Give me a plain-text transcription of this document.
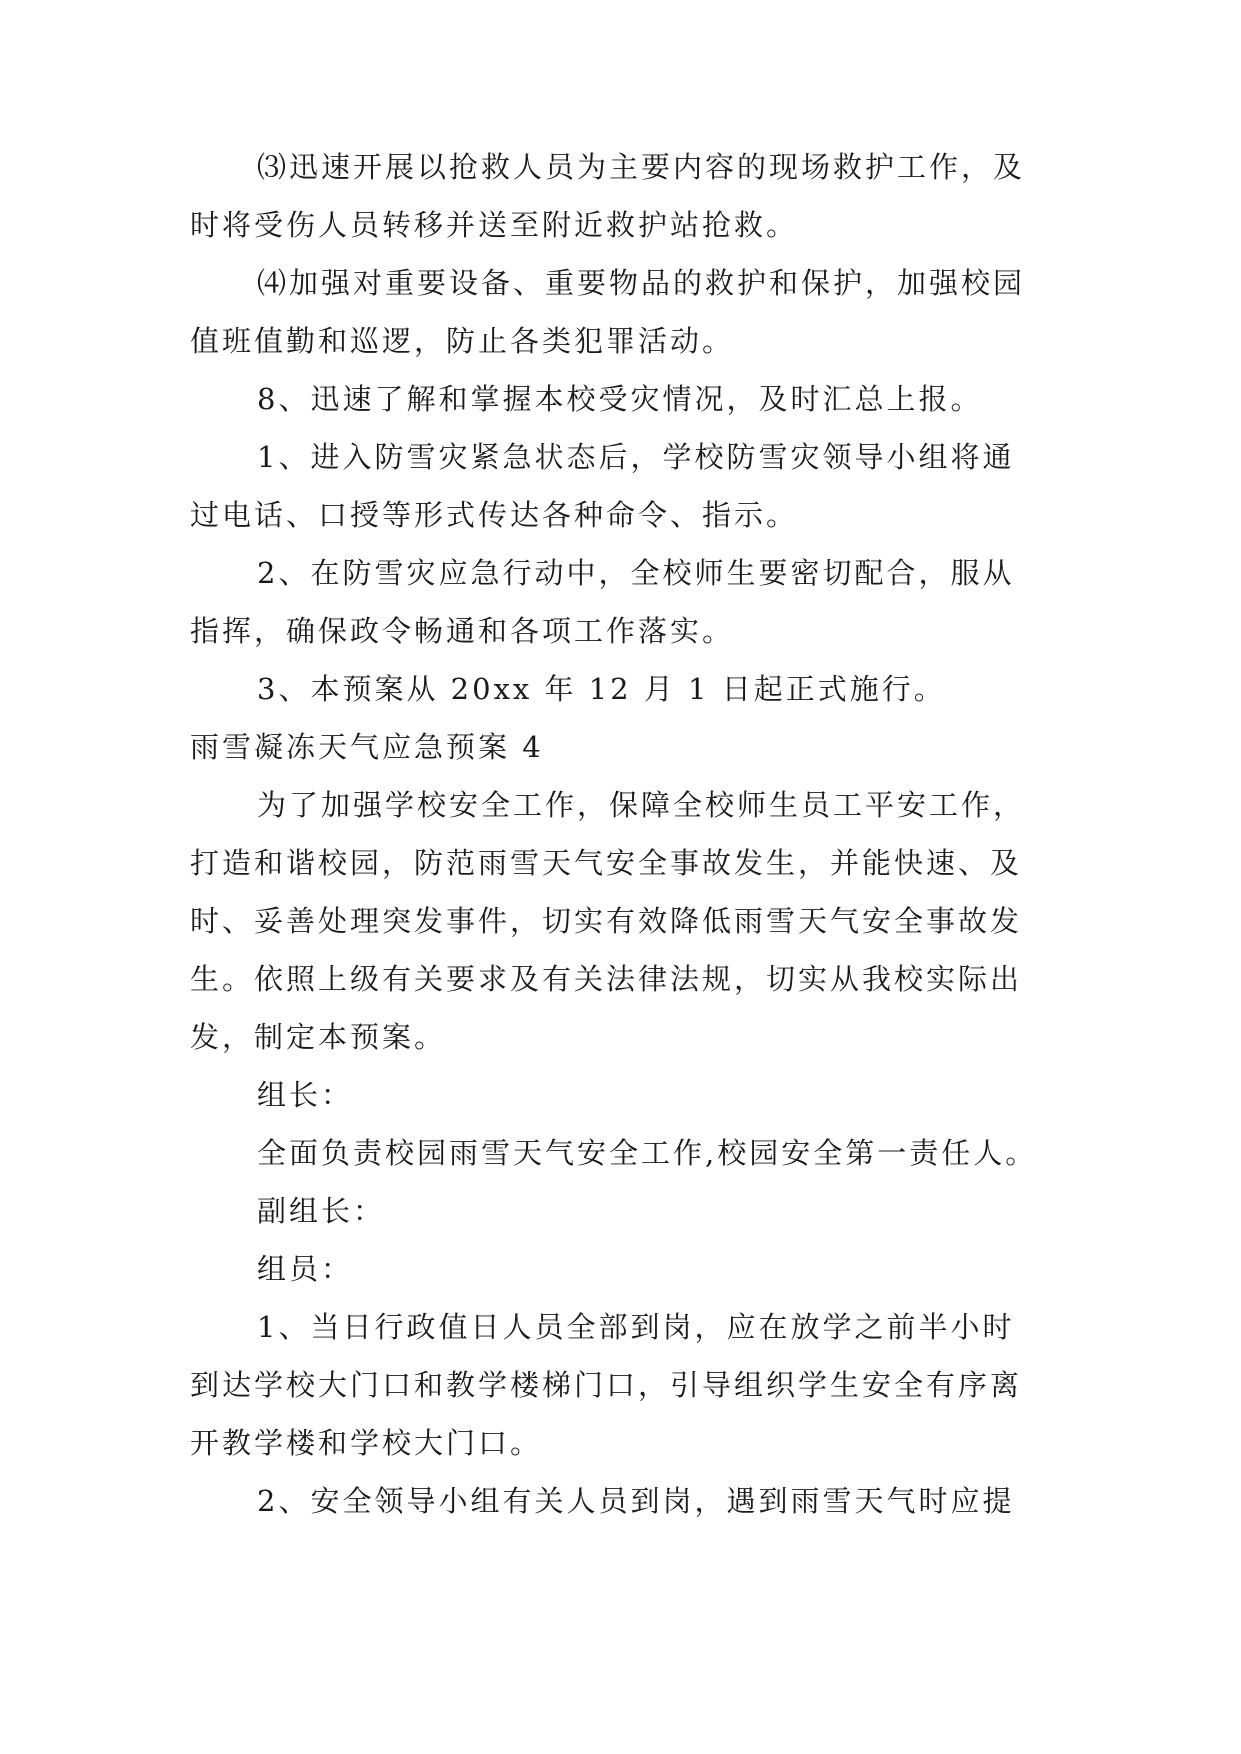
⑶迅速开展以抢救人员为主要内容的现场救护工作，及
时将受伤人员转移并送至附近救护站抢救。
⑷加强对重要设备、重要物品的救护和保护，加强校园
值班值勤和巡逻，防止各类犯罪活动。
8、迅速了解和掌握本校受灾情况，及时汇总上报。
1、进入防雪灾紧急状态后，学校防雪灾领导小组将通
过电话、口授等形式传达各种命令、指示。
2、在防雪灾应急行动中，全校师生要密切配合，服从
指挥，确保政令畅通和各项工作落实。
3、本预案从 20xx 年 12 月 1 日起正式施行。
雨雪凝冻天气应急预案 4
为了加强学校安全工作，保障全校师生员工平安工作，
打造和谐校园，防范雨雪天气安全事故发生，并能快速、及
时、妥善处理突发事件，切实有效降低雨雪天气安全事故发
生。依照上级有关要求及有关法律法规，切实从我校实际出
发，制定本预案。
组长：
全面负责校园雨雪天气安全工作,校园安全第一责任人。
副组长：
组员：
1、当日行政值日人员全部到岗，应在放学之前半小时
到达学校大门口和教学楼梯门口，引导组织学生安全有序离
开教学楼和学校大门口。
2、安全领导小组有关人员到岗，遇到雨雪天气时应提
